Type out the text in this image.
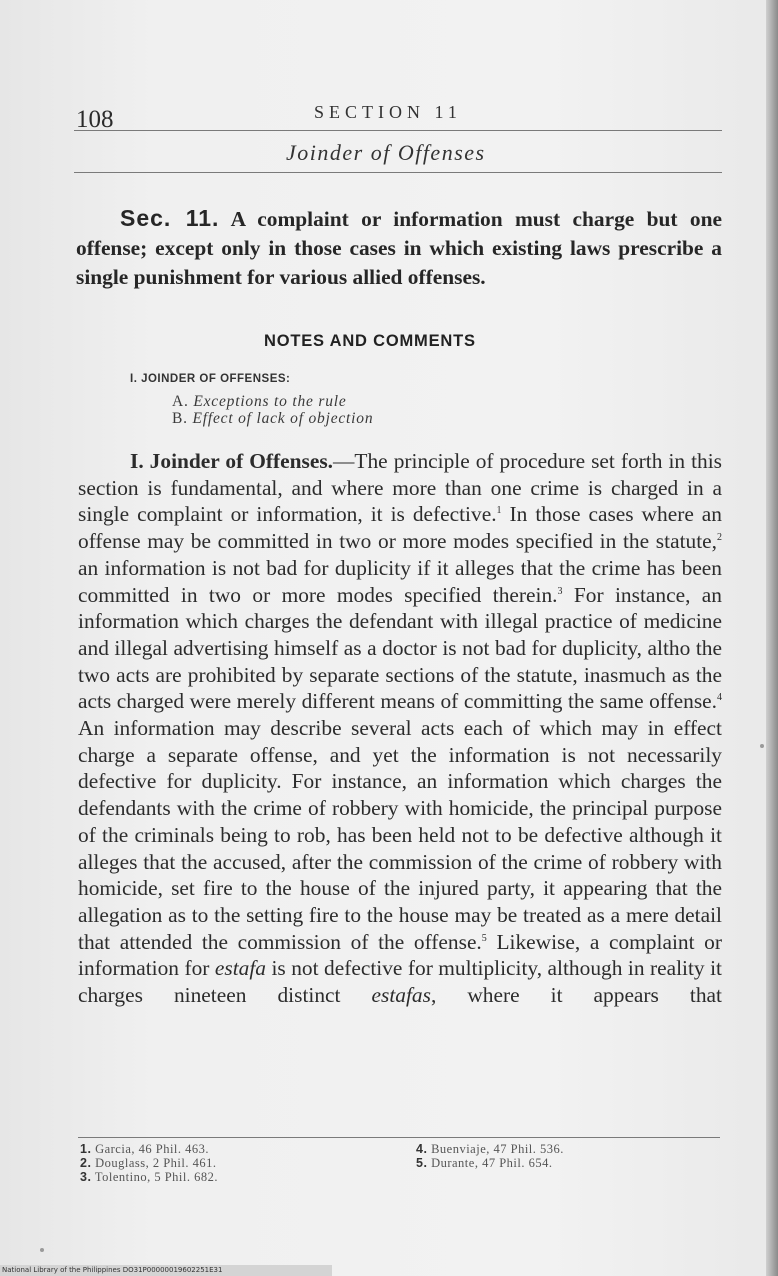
108	SECTION 11
Joinder of Offenses
Sec. 11. A complaint or information must charge but one offense; except only in those cases in which existing laws prescribe a single punishment for various allied offenses.
NOTES AND COMMENTS
I. JOINDER OF OFFENSES:
A. Exceptions to the rule
B. Effect of lack of objection

I. Joinder of Offenses.—The principle of procedure set forth in this section is fundamental, and where more than one crime is charged in a single complaint or information, it is defective.$^1$ In those cases where an offense may be committed in two or more modes specified in the statute,$^2$ an information is not bad for duplicity if it alleges that the crime has been committed in two or more modes specified therein.$^3$ For instance, an information which charges the defendant with illegal practice of medicine and illegal advertising himself as a doctor is not bad for duplicity, altho the two acts are prohibited by separate sections of the statute, inasmuch as the acts charged were merely different means of committing the same offense.$^4$ An information may describe several acts each of which may in effect charge a separate offense, and yet the information is not necessarily defective for duplicity. For instance, an information which charges the defendants with the crime of robbery with homicide, the principal purpose of the criminals being to rob, has been held not to be defective although it alleges that the accused, after the commission of the crime of robbery with homicide, set fire to the house of the injured party, it appearing that the allegation as to the setting fire to the house may be treated as a mere detail that attended the commission of the offense.$^5$ Likewise, a complaint or information for estafa is not defective for multiplicity, although in reality it charges nineteen distinct estafas, where it appears that

1. Garcia, 46 Phil. 463.
2. Douglass, 2 Phil. 461.
3. Tolentino, 5 Phil. 682.
4. Buenviaje, 47 Phil. 536.
5. Durante, 47 Phil. 654.
National Library of the Philippines DO31P00000019602251E31
